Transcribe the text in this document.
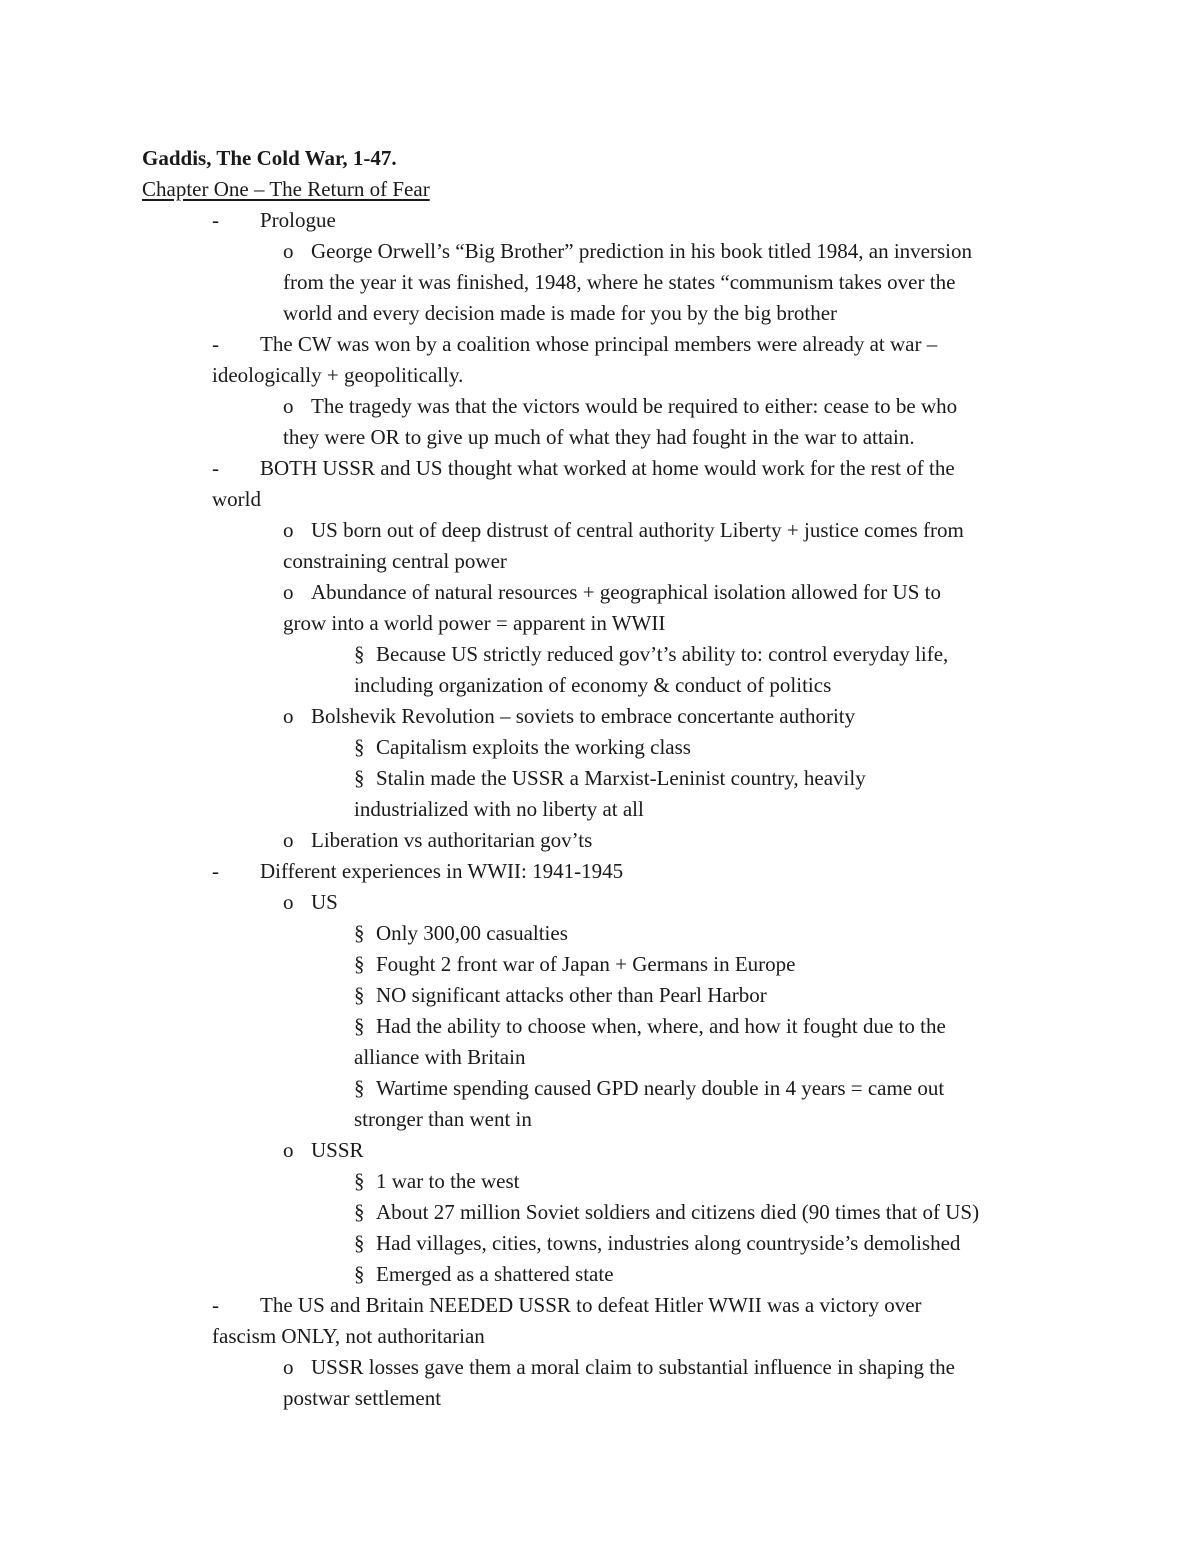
Gaddis, The Cold War, 1-47.
Chapter One – The Return of Fear
- Prologue
o George Orwell’s “Big Brother” prediction in his book titled 1984, an inversion
from the year it was finished, 1948, where he states “communism takes over the
world and every decision made is made for you by the big brother
- The CW was won by a coalition whose principal members were already at war –
ideologically + geopolitically.
o The tragedy was that the victors would be required to either: cease to be who
they were OR to give up much of what they had fought in the war to attain.
- BOTH USSR and US thought what worked at home would work for the rest of the
world
o US born out of deep distrust of central authority Liberty + justice comes from
constraining central power
o Abundance of natural resources + geographical isolation allowed for US to
grow into a world power = apparent in WWII
§ Because US strictly reduced gov’t’s ability to: control everyday life,
including organization of economy & conduct of politics
o Bolshevik Revolution – soviets to embrace concertante authority
§ Capitalism exploits the working class
§ Stalin made the USSR a Marxist-Leninist country, heavily
industrialized with no liberty at all
o Liberation vs authoritarian gov’ts
- Different experiences in WWII: 1941-1945
o US
§ Only 300,00 casualties
§ Fought 2 front war of Japan + Germans in Europe
§ NO significant attacks other than Pearl Harbor
§ Had the ability to choose when, where, and how it fought due to the
alliance with Britain
§ Wartime spending caused GPD nearly double in 4 years = came out
stronger than went in
o USSR
§ 1 war to the west
§ About 27 million Soviet soldiers and citizens died (90 times that of US)
§ Had villages, cities, towns, industries along countryside’s demolished
§ Emerged as a shattered state
- The US and Britain NEEDED USSR to defeat Hitler WWII was a victory over
fascism ONLY, not authoritarian
o USSR losses gave them a moral claim to substantial influence in shaping the
postwar settlement
